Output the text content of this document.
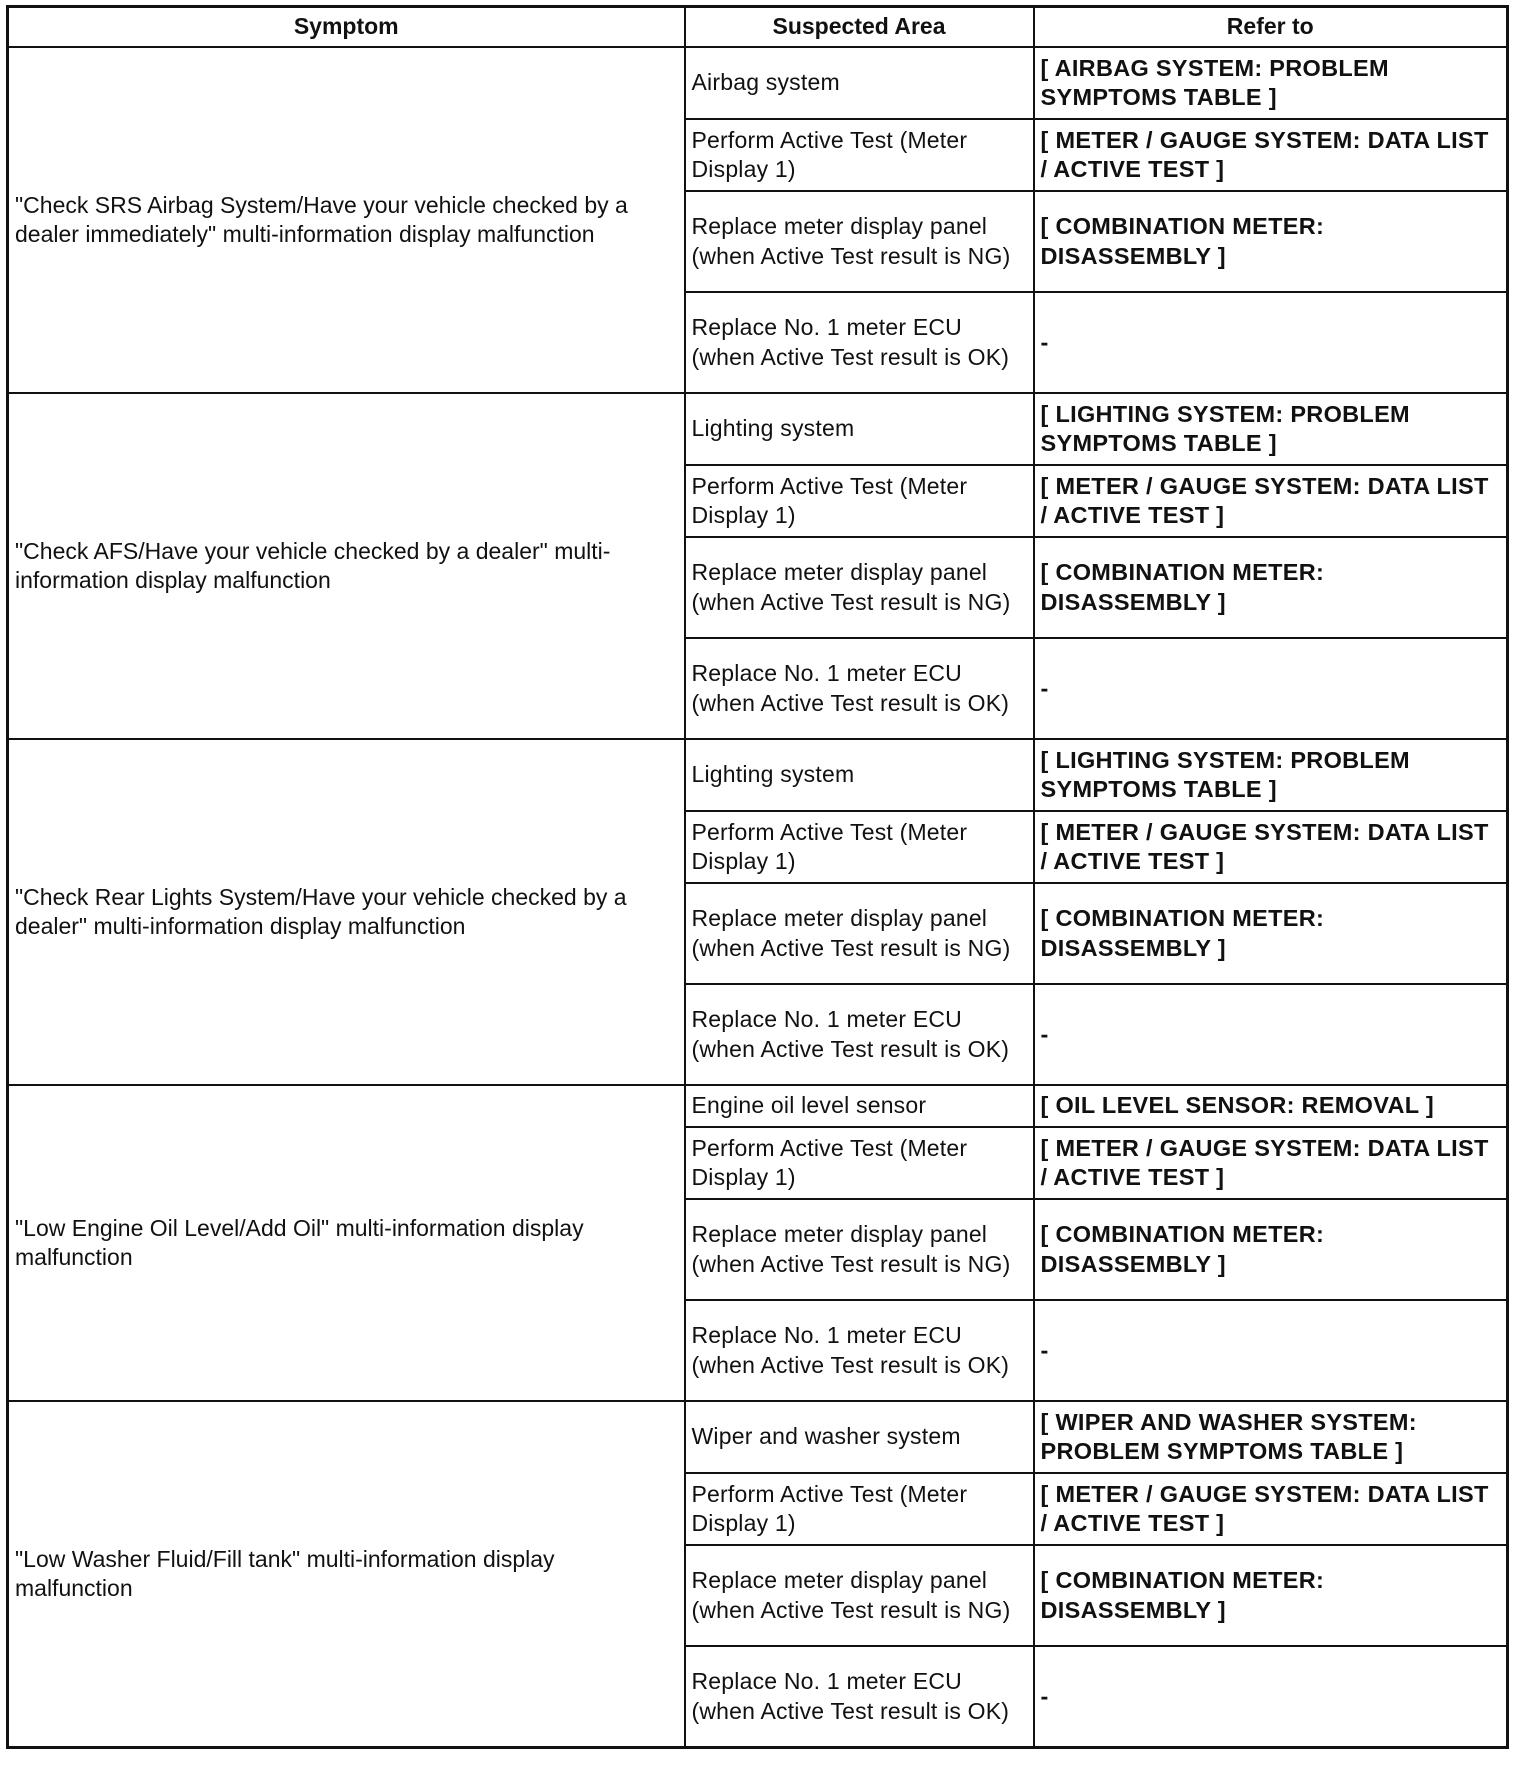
Symptom	Suspected Area	Refer to
"Check SRS Airbag System/Have your vehicle checked by a dealer immediately" multi-information display malfunction	Airbag system	[ AIRBAG SYSTEM: PROBLEM SYMPTOMS TABLE ]
	Perform Active Test (Meter Display 1)	[ METER / GAUGE SYSTEM: DATA LIST / ACTIVE TEST ]
	Replace meter display panel (when Active Test result is NG)	[ COMBINATION METER: DISASSEMBLY ]
	Replace No. 1 meter ECU (when Active Test result is OK)	-
"Check AFS/Have your vehicle checked by a dealer" multi-information display malfunction	Lighting system	[ LIGHTING SYSTEM: PROBLEM SYMPTOMS TABLE ]
	Perform Active Test (Meter Display 1)	[ METER / GAUGE SYSTEM: DATA LIST / ACTIVE TEST ]
	Replace meter display panel (when Active Test result is NG)	[ COMBINATION METER: DISASSEMBLY ]
	Replace No. 1 meter ECU (when Active Test result is OK)	-
"Check Rear Lights System/Have your vehicle checked by a dealer" multi-information display malfunction	Lighting system	[ LIGHTING SYSTEM: PROBLEM SYMPTOMS TABLE ]
	Perform Active Test (Meter Display 1)	[ METER / GAUGE SYSTEM: DATA LIST / ACTIVE TEST ]
	Replace meter display panel (when Active Test result is NG)	[ COMBINATION METER: DISASSEMBLY ]
	Replace No. 1 meter ECU (when Active Test result is OK)	-
"Low Engine Oil Level/Add Oil" multi-information display malfunction	Engine oil level sensor	[ OIL LEVEL SENSOR: REMOVAL ]
	Perform Active Test (Meter Display 1)	[ METER / GAUGE SYSTEM: DATA LIST / ACTIVE TEST ]
	Replace meter display panel (when Active Test result is NG)	[ COMBINATION METER: DISASSEMBLY ]
	Replace No. 1 meter ECU (when Active Test result is OK)	-
"Low Washer Fluid/Fill tank" multi-information display malfunction	Wiper and washer system	[ WIPER AND WASHER SYSTEM: PROBLEM SYMPTOMS TABLE ]
	Perform Active Test (Meter Display 1)	[ METER / GAUGE SYSTEM: DATA LIST / ACTIVE TEST ]
	Replace meter display panel (when Active Test result is NG)	[ COMBINATION METER: DISASSEMBLY ]
	Replace No. 1 meter ECU (when Active Test result is OK)	-
